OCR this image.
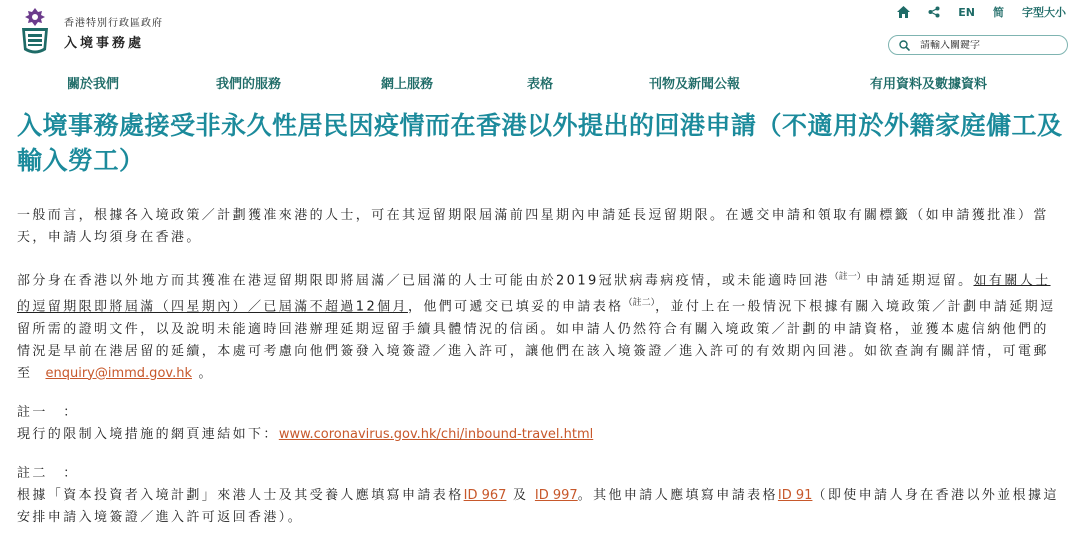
香港特別行政區政府
入境事務處
EN 简 字型大小
請輸入關鍵字
關於我們	我們的服務	網上服務	表格	刊物及新聞公報	有用資料及數據資料
入境事務處接受非永久性居民因疫情而在香港以外提出的回港申請（不適用於外籍家庭傭工及輸入勞工）

一般而言，根據各入境政策／計劃獲准來港的人士，可在其逗留期限屆滿前四星期內申請延長逗留期限。在遞交申請和領取有關標籤（如申請獲批准）當天，申請人均須身在香港。

部分身在香港以外地方而其獲准在港逗留期限即將屆滿／已屆滿的人士可能由於2019冠狀病毒病疫情，或未能適時回港$^{(註一)}$申請延期逗留。如有關人士的逗留期限即將屆滿（四星期內）／已屆滿不超過12個月，他們可遞交已填妥的申請表格$^{(註二)}$，並付上在一般情況下根據有關入境政策／計劃申請延期逗留所需的證明文件，以及說明未能適時回港辦理延期逗留手續具體情況的信函。如申請人仍然符合有關入境政策／計劃的申請資格，並獲本處信納他們的情況是早前在港居留的延續，本處可考慮向他們簽發入境簽證／進入許可，讓他們在該入境簽證／進入許可的有效期內回港。如欲查詢有關詳情，可電郵至 enquiry@immd.gov.hk 。

註一　：
現行的限制入境措施的網頁連結如下：www.coronavirus.gov.hk/chi/inbound-travel.html

註二　：
根據「資本投資者入境計劃」來港人士及其受養人應填寫申請表格ID 967 及 ID 997。其他申請人應填寫申請表格ID 91（即使申請人身在香港以外並根據這安排申請入境簽證／進入許可返回香港）。
